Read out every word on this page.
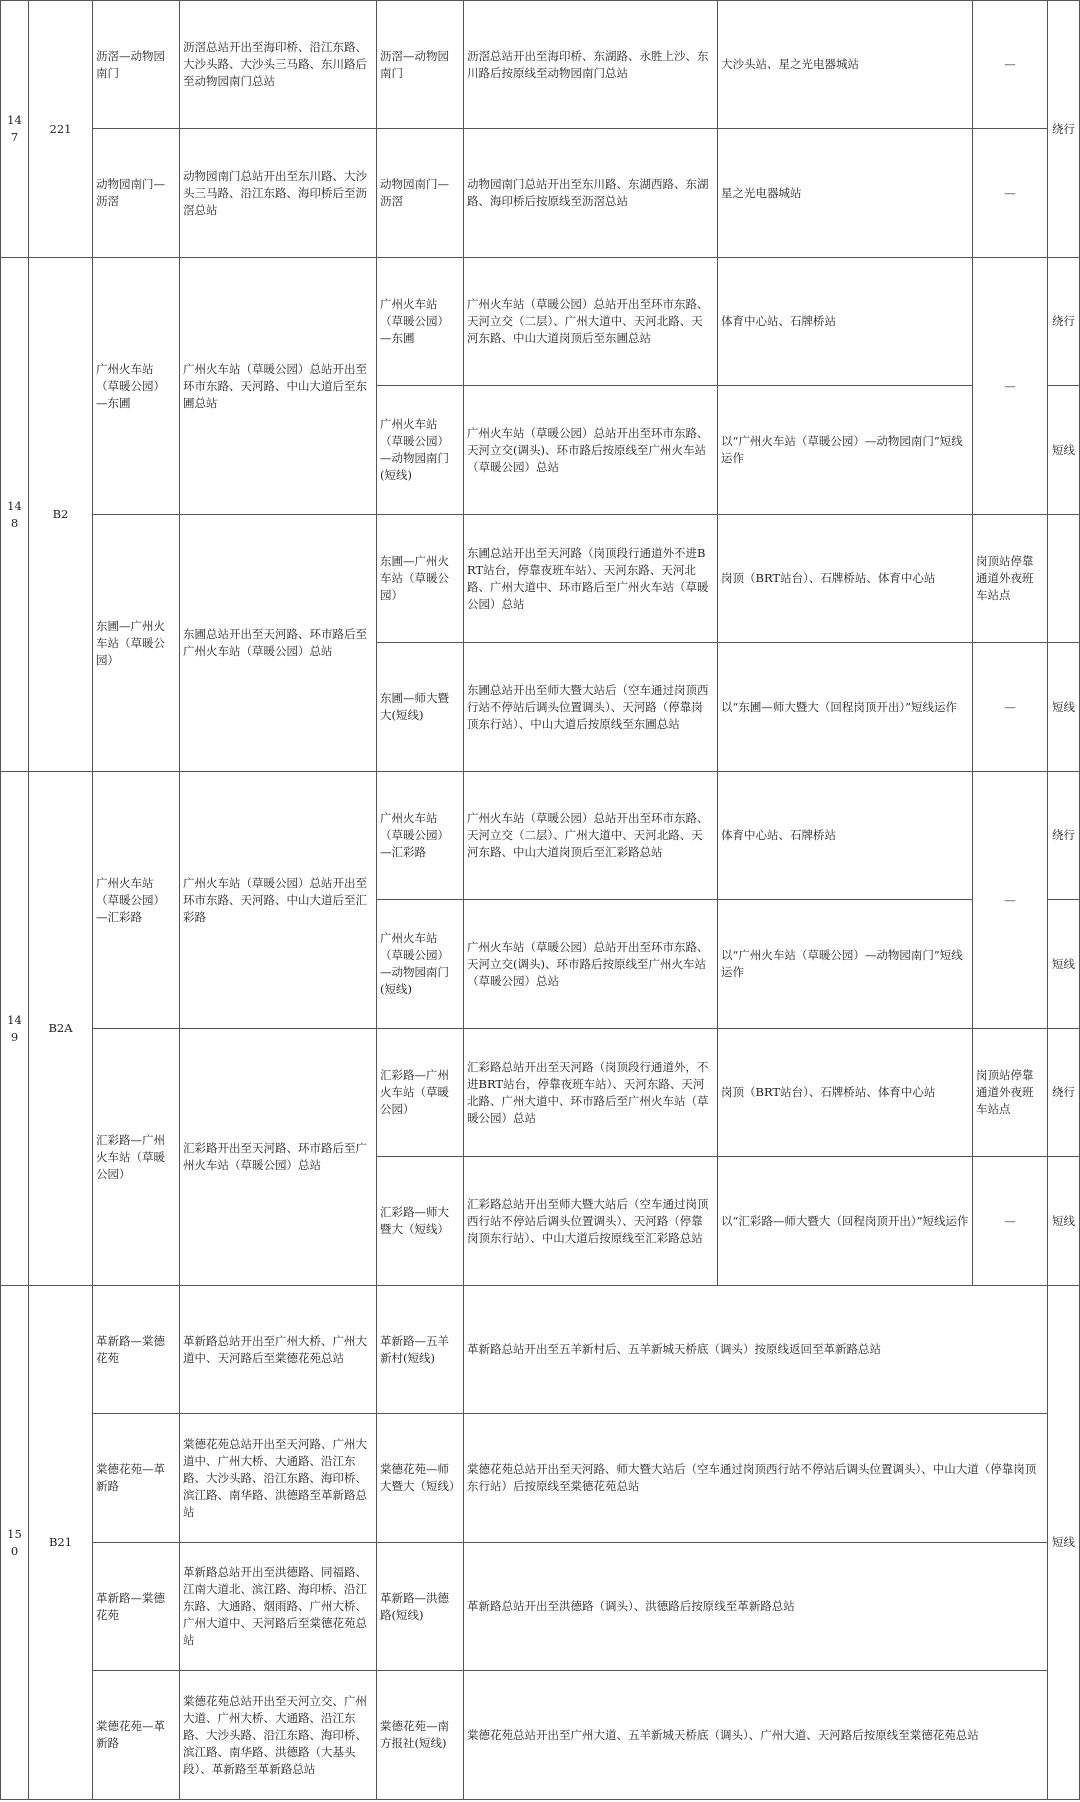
147	221	沥滘—动物园南门	沥滘总站开出至海印桥、沿江东路、大沙头路、大沙头三马路、东川路后至动物园南门总站	沥滘—动物园南门	沥滘总站开出至海印桥、东湖路、永胜上沙、东川路后按原线至动物园南门总站	大沙头站、星之光电器城站	—	绕行
		动物园南门—沥滘	动物园南门总站开出至东川路、大沙头三马路、沿江东路、海印桥后至沥滘总站	动物园南门—沥滘	动物园南门总站开出至东川路、东湖西路、东湖路、海印桥后按原线至沥滘总站	星之光电器城站	—	
148	B2	广州火车站（草暖公园）—东圃	广州火车站（草暖公园）总站开出至环市东路、天河路、中山大道后至东圃总站	广州火车站（草暖公园）—东圃	广州火车站（草暖公园）总站开出至环市东路、天河立交（二层）、广州大道中、天河北路、天河东路、中山大道岗顶后至东圃总站	体育中心站、石牌桥站	—	绕行
				广州火车站（草暖公园）—动物园南门(短线)	广州火车站（草暖公园）总站开出至环市东路、天河立交(调头)、环市路后按原线至广州火车站（草暖公园）总站	以“广州火车站（草暖公园）—动物园南门”短线运作		短线
		东圃—广州火车站（草暖公园）	东圃总站开出至天河路、环市路后至广州火车站（草暖公园）总站	东圃—广州火车站（草暖公园）	东圃总站开出至天河路（岗顶段行通道外不进BRT站台，停靠夜班车站）、天河东路、天河北路、广州大道中、环市路后至广州火车站（草暖公园）总站	岗顶（BRT站台）、石牌桥站、体育中心站	岗顶站停靠通道外夜班车站点	
				东圃—师大暨大(短线)	东圃总站开出至师大暨大站后（空车通过岗顶西行站不停站后调头位置调头）、天河路（停靠岗顶东行站）、中山大道后按原线至东圃总站	以“东圃—师大暨大（回程岗顶开出）”短线运作	—	短线
149	B2A	广州火车站（草暖公园）—汇彩路	广州火车站（草暖公园）总站开出至环市东路、天河路、中山大道后至汇彩路	广州火车站（草暖公园）—汇彩路	广州火车站（草暖公园）总站开出至环市东路、天河立交（二层）、广州大道中、天河北路、天河东路、中山大道岗顶后至汇彩路总站	体育中心站、石牌桥站	—	绕行
				广州火车站（草暖公园）—动物园南门(短线)	广州火车站（草暖公园）总站开出至环市东路、天河立交(调头)、环市路后按原线至广州火车站（草暖公园）总站	以“广州火车站（草暖公园）—动物园南门”短线运作		短线
		汇彩路—广州火车站（草暖公园）	汇彩路开出至天河路、环市路后至广州火车站（草暖公园）总站	汇彩路—广州火车站（草暖公园）	汇彩路总站开出至天河路（岗顶段行通道外，不进BRT站台，停靠夜班车站）、天河东路、天河北路、广州大道中、环市路后至广州火车站（草暖公园）总站	岗顶（BRT站台）、石牌桥站、体育中心站	岗顶站停靠通道外夜班车站点	绕行
				汇彩路—师大暨大（短线）	汇彩路总站开出至师大暨大站后（空车通过岗顶西行站不停站后调头位置调头）、天河路（停靠岗顶东行站）、中山大道后按原线至汇彩路总站	以“汇彩路—师大暨大（回程岗顶开出）”短线运作	—	短线
150	B21	革新路—棠德花苑	革新路总站开出至广州大桥、广州大道中、天河路后至棠德花苑总站	革新路—五羊新村(短线)	革新路总站开出至五羊新村后、五羊新城天桥底（调头）按原线返回至革新路总站			短线
		棠德花苑—革新路	棠德花苑总站开出至天河路、广州大道中、广州大桥、大通路、沿江东路、大沙头路、沿江东路、海印桥、滨江路、南华路、洪德路至革新路总站	棠德花苑—师大暨大（短线）	棠德花苑总站开出至天河路、师大暨大站后（空车通过岗顶西行站不停站后调头位置调头）、中山大道（停靠岗顶东行站）后按原线至棠德花苑总站			
		革新路—棠德花苑	革新路总站开出至洪德路、同福路、江南大道北、滨江路、海印桥、沿江东路、大通路、烟雨路、广州大桥、广州大道中、天河路后至棠德花苑总站	革新路—洪德路(短线)	革新路总站开出至洪德路（调头）、洪德路后按原线至革新路总站			
		棠德花苑—革新路	棠德花苑总站开出至天河立交、广州大道、广州大桥、大通路、沿江东路、大沙头路、沿江东路、海印桥、滨江路、南华路、洪德路（大基头段）、革新路至革新路总站	棠德花苑—南方报社(短线)	棠德花苑总站开出至广州大道、五羊新城天桥底（调头）、广州大道、天河路后按原线至棠德花苑总站			
